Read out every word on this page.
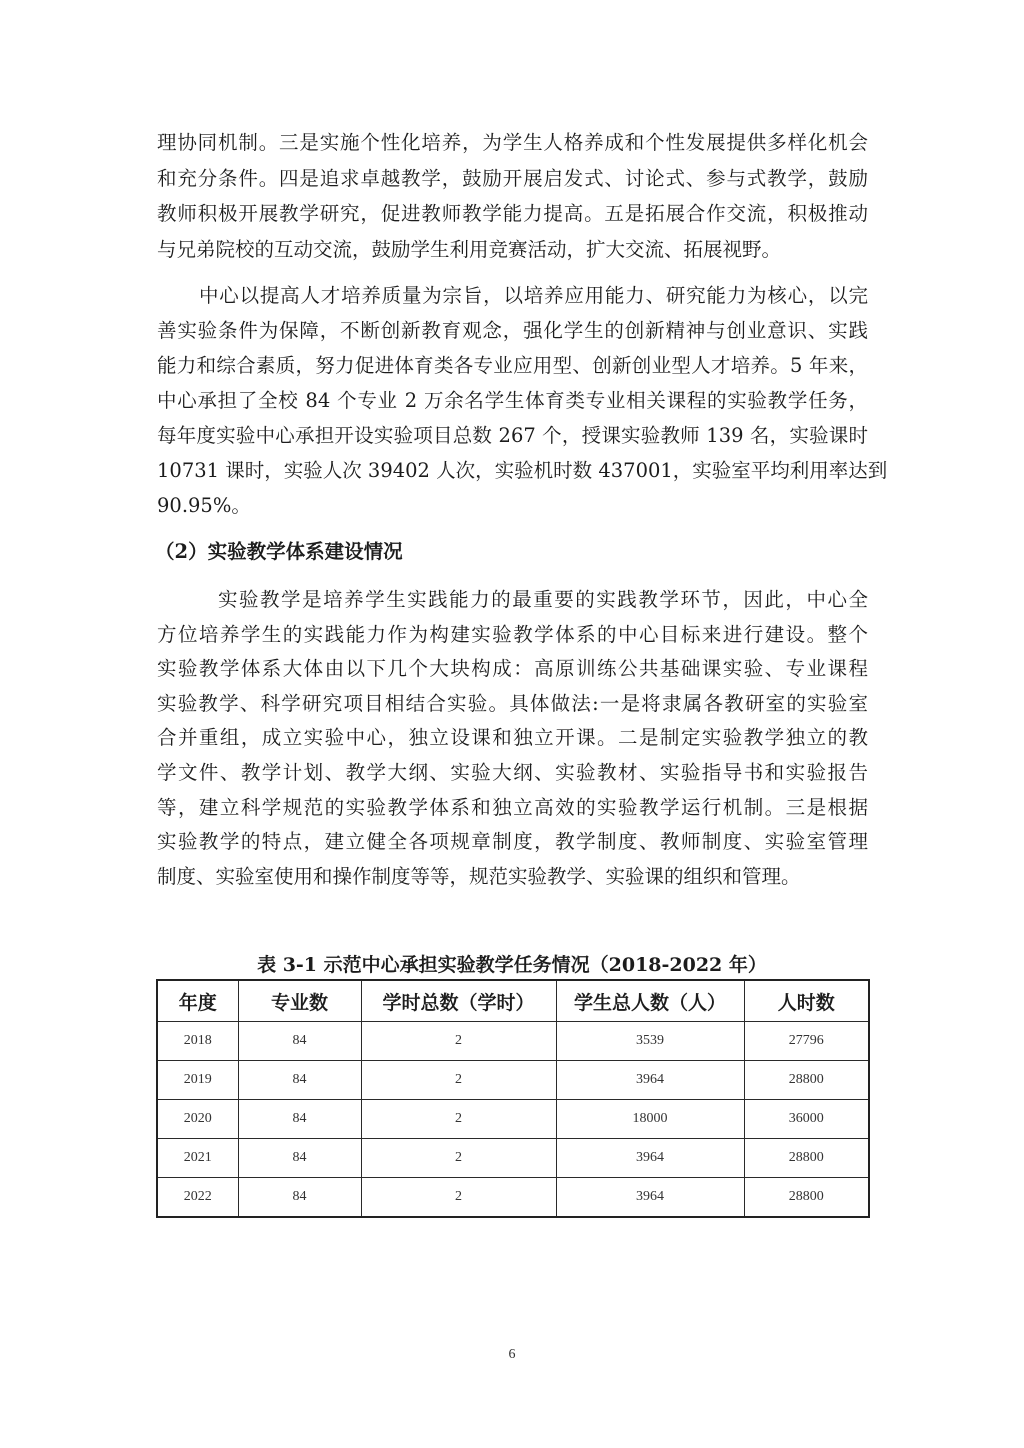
理协同机制。三是实施个性化培养，为学生人格养成和个性发展提供多样化机会
和充分条件。四是追求卓越教学，鼓励开展启发式、讨论式、参与式教学，鼓励
教师积极开展教学研究，促进教师教学能力提高。五是拓展合作交流，积极推动
与兄弟院校的互动交流，鼓励学生利用竞赛活动，扩大交流、拓展视野。
中心以提高人才培养质量为宗旨，以培养应用能力、研究能力为核心，以完
善实验条件为保障，不断创新教育观念，强化学生的创新精神与创业意识、实践
能力和综合素质，努力促进体育类各专业应用型、创新创业型人才培养。5 年来，
中心承担了全校 84 个专业 2 万余名学生体育类专业相关课程的实验教学任务，
每年度实验中心承担开设实验项目总数 267 个，授课实验教师 139 名，实验课时
10731 课时，实验人次 39402 人次，实验机时数 437001，实验室平均利用率达到
90.95%。
（2）实验教学体系建设情况
实验教学是培养学生实践能力的最重要的实践教学环节，因此，中心全
方位培养学生的实践能力作为构建实验教学体系的中心目标来进行建设。整个
实验教学体系大体由以下几个大块构成：高原训练公共基础课实验、专业课程
实验教学、科学研究项目相结合实验。具体做法:一是将隶属各教研室的实验室
合并重组，成立实验中心，独立设课和独立开课。二是制定实验教学独立的教
学文件、教学计划、教学大纲、实验大纲、实验教材、实验指导书和实验报告
等，建立科学规范的实验教学体系和独立高效的实验教学运行机制。三是根据
实验教学的特点，建立健全各项规章制度，教学制度、教师制度、实验室管理
制度、实验室使用和操作制度等等，规范实验教学、实验课的组织和管理。
表 3-1 示范中心承担实验教学任务情况（2018-2022 年）
年度	专业数	学时总数（学时）	学生总人数（人）	人时数
2018	84	2	3539	27796
2019	84	2	3964	28800
2020	84	2	18000	36000
2021	84	2	3964	28800
2022	84	2	3964	28800
6
